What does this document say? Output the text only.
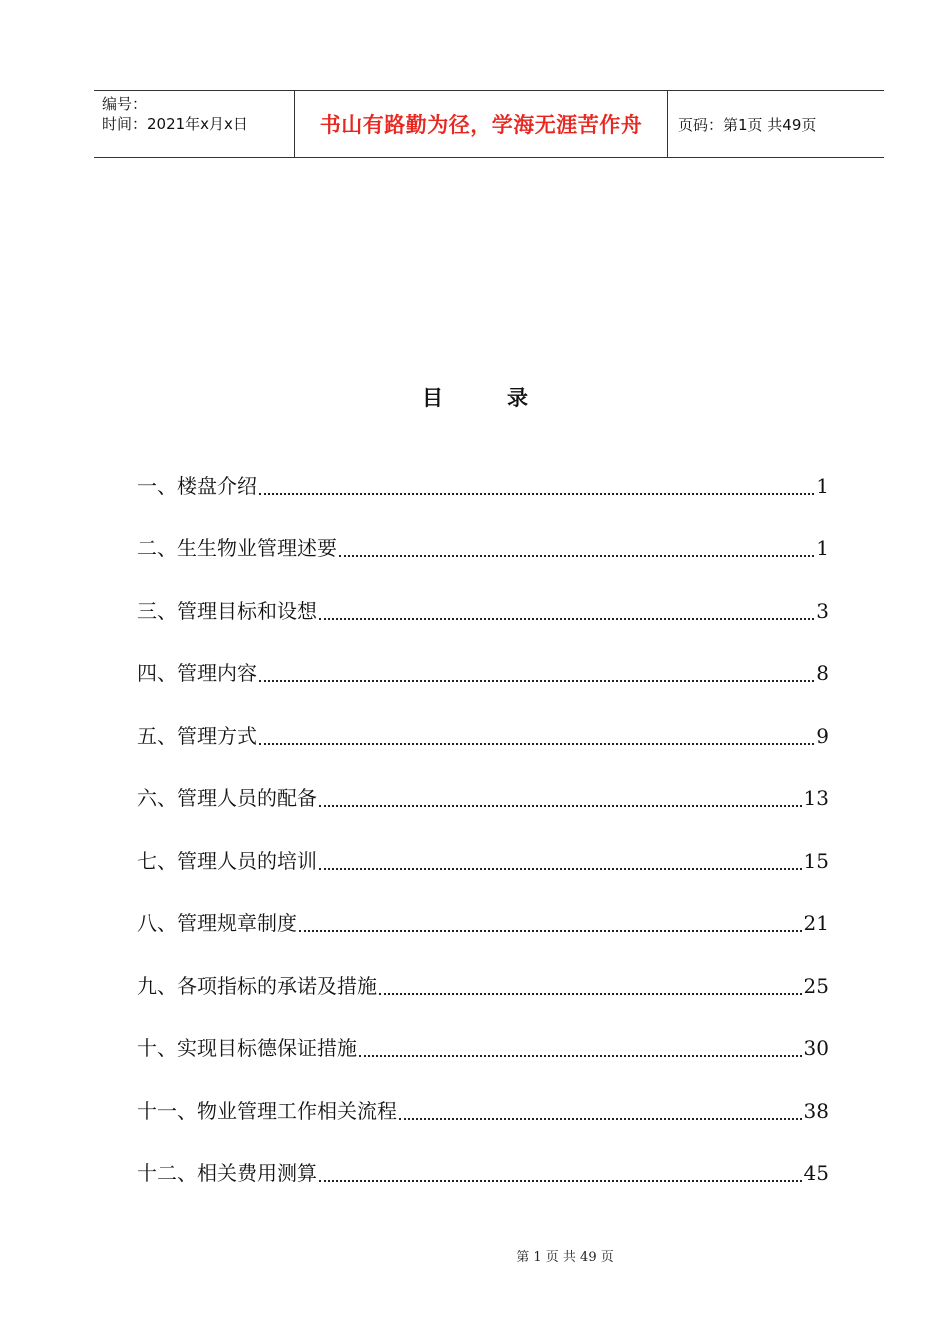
编号：
时间：2021年x月x日	书山有路勤为径，学海无涯苦作舟	页码：第1页 共49页
目录
一、楼盘介绍	1
二、生生物业管理述要	1
三、管理目标和设想	3
四、管理内容	8
五、管理方式	9
六、管理人员的配备	13
七、管理人员的培训	15
八、管理规章制度	21
九、各项指标的承诺及措施	25
十、实现目标德保证措施	30
十一、物业管理工作相关流程	38
十二、相关费用测算	45
第 1 页 共 49 页
